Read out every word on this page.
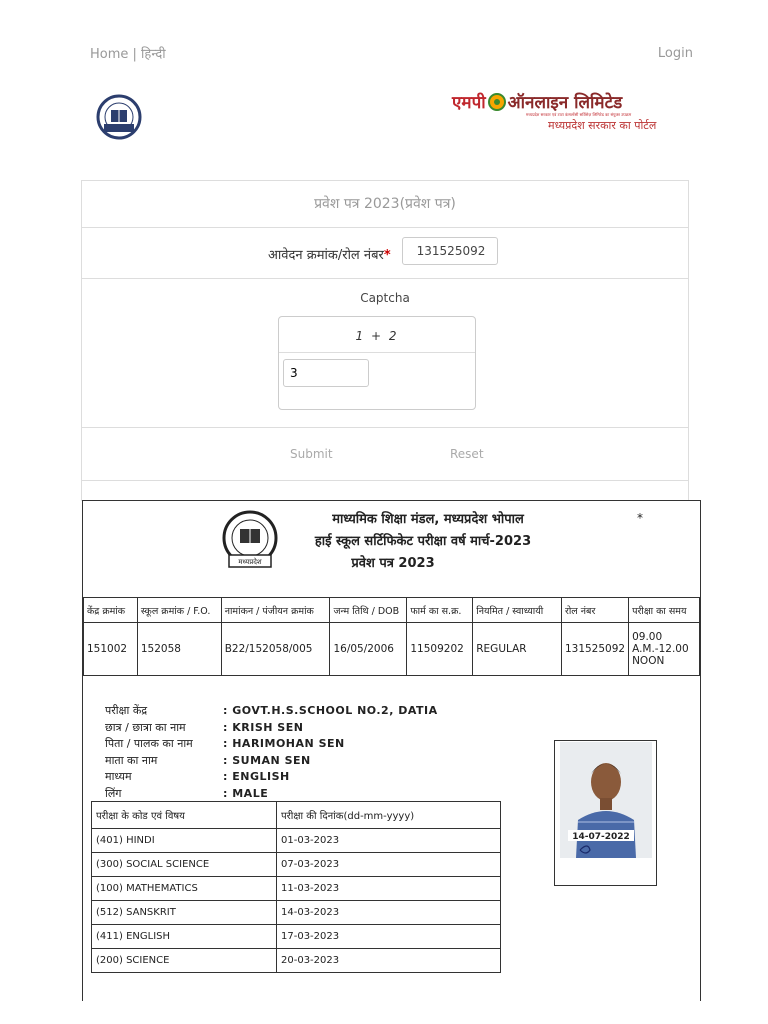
Home | हिन्दी	Login
एमपी ऑनलाइन लिमिटेड
मध्यप्रदेश सरकार एवं टाटा कंसल्टेंसी सर्विसेज़ लिमिटेड का संयुक्त उपक्रम
मध्यप्रदेश सरकार का पोर्टल
प्रवेश पत्र 2023(प्रवेश पत्र)
आवेदन क्रमांक/रोल नंबर*
131525092
Captcha
1 + 2
3
Submit	Reset
मध्यप्रदेश
माध्यमिक शिक्षा मंडल, मध्यप्रदेश भोपाल
हाई स्कूल सर्टिफिकेट परीक्षा वर्ष मार्च-2023
प्रवेश पत्र 2023
*
केंद्र क्रमांक	स्कूल क्रमांक / F.O.	नामांकन / पंजीयन क्रमांक	जन्म तिथि / DOB	फार्म का स.क्र.	नियमित / स्वाध्यायी	रोल नंबर	परीक्षा का समय
151002	152058	B22/152058/005	16/05/2006	11509202	REGULAR	131525092	09.00 A.M.-12.00 NOON
परीक्षा केंद्र	: GOVT.H.S.SCHOOL NO.2, DATIA
छात्र / छात्रा का नाम	: KRISH SEN
पिता / पालक का नाम	: HARIMOHAN SEN
माता का नाम	: SUMAN SEN
माध्यम	: ENGLISH
लिंग	: MALE
14-07-2022
परीक्षा के कोड एवं विषय	परीक्षा की दिनांक(dd-mm-yyyy)
(401) HINDI	01-03-2023
(300) SOCIAL SCIENCE	07-03-2023
(100) MATHEMATICS	11-03-2023
(512) SANSKRIT	14-03-2023
(411) ENGLISH	17-03-2023
(200) SCIENCE	20-03-2023
